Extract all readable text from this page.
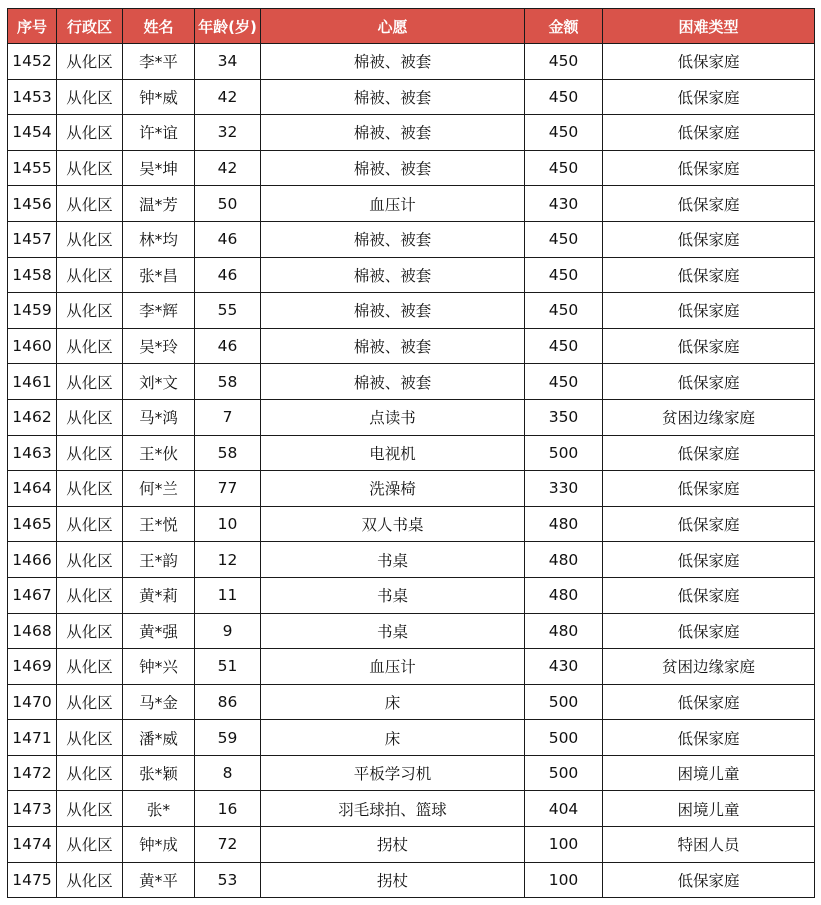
序号	行政区	姓名	年龄(岁)	心愿	金额	困难类型
1452	从化区	李*平	34	棉被、被套	450	低保家庭
1453	从化区	钟*威	42	棉被、被套	450	低保家庭
1454	从化区	许*谊	32	棉被、被套	450	低保家庭
1455	从化区	吴*坤	42	棉被、被套	450	低保家庭
1456	从化区	温*芳	50	血压计	430	低保家庭
1457	从化区	林*均	46	棉被、被套	450	低保家庭
1458	从化区	张*昌	46	棉被、被套	450	低保家庭
1459	从化区	李*辉	55	棉被、被套	450	低保家庭
1460	从化区	吴*玲	46	棉被、被套	450	低保家庭
1461	从化区	刘*文	58	棉被、被套	450	低保家庭
1462	从化区	马*鸿	7	点读书	350	贫困边缘家庭
1463	从化区	王*伙	58	电视机	500	低保家庭
1464	从化区	何*兰	77	洗澡椅	330	低保家庭
1465	从化区	王*悦	10	双人书桌	480	低保家庭
1466	从化区	王*韵	12	书桌	480	低保家庭
1467	从化区	黄*莉	11	书桌	480	低保家庭
1468	从化区	黄*强	9	书桌	480	低保家庭
1469	从化区	钟*兴	51	血压计	430	贫困边缘家庭
1470	从化区	马*金	86	床	500	低保家庭
1471	从化区	潘*威	59	床	500	低保家庭
1472	从化区	张*颖	8	平板学习机	500	困境儿童
1473	从化区	张*	16	羽毛球拍、篮球	404	困境儿童
1474	从化区	钟*成	72	拐杖	100	特困人员
1475	从化区	黄*平	53	拐杖	100	低保家庭
